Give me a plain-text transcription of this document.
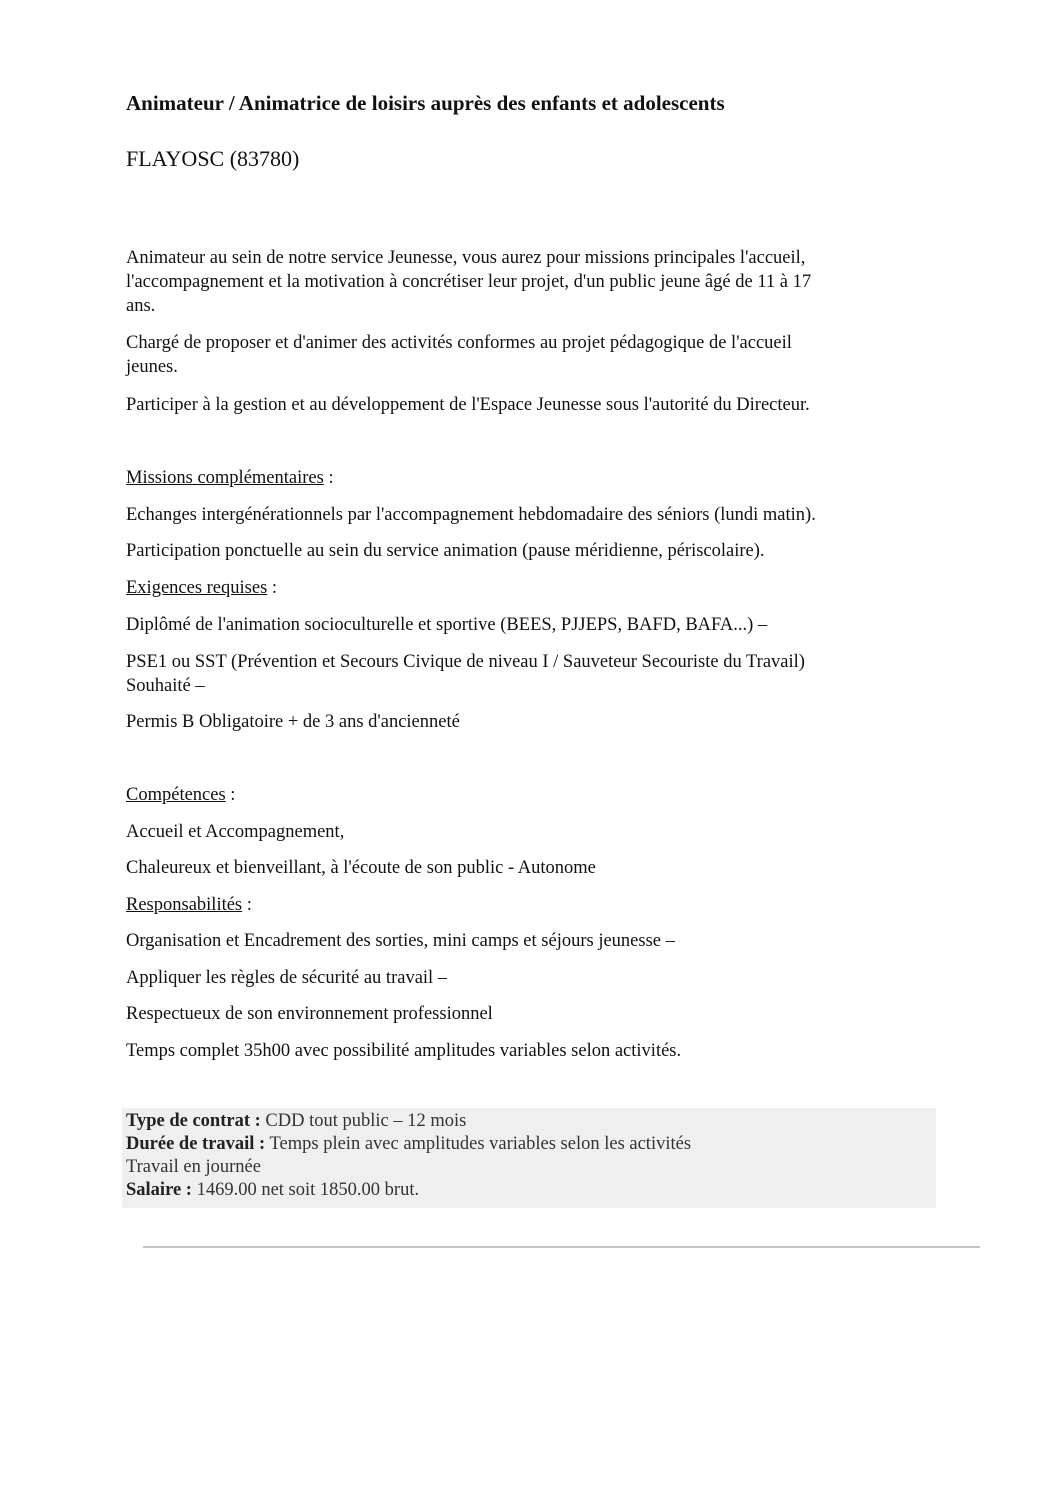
Animateur / Animatrice de loisirs auprès des enfants et adolescents
FLAYOSC (83780)

Animateur au sein de notre service Jeunesse, vous aurez pour missions principales l'accueil,

l'accompagnement et la motivation à concrétiser leur projet, d'un public jeune âgé de 11 à 17

ans.

Chargé de proposer et d'animer des activités conformes au projet pédagogique de l'accueil

jeunes.

Participer à la gestion et au développement de l'Espace Jeunesse sous l'autorité du Directeur.

Missions complémentaires :

Echanges intergénérationnels par l'accompagnement hebdomadaire des séniors (lundi matin).

Participation ponctuelle au sein du service animation (pause méridienne, périscolaire).

Exigences requises :

Diplômé de l'animation socioculturelle et sportive (BEES, PJJEPS, BAFD, BAFA...) –

PSE1 ou SST (Prévention et Secours Civique de niveau I / Sauveteur Secouriste du Travail)

Souhaité –

Permis B Obligatoire + de 3 ans d'ancienneté

Compétences :

Accueil et Accompagnement,

Chaleureux et bienveillant, à l'écoute de son public - Autonome

Responsabilités :

Organisation et Encadrement des sorties, mini camps et séjours jeunesse –

Appliquer les règles de sécurité au travail –

Respectueux de son environnement professionnel

Temps complet 35h00 avec possibilité amplitudes variables selon activités.

Type de contrat : CDD tout public – 12 mois
Durée de travail : Temps plein avec amplitudes variables selon les activités
Travail en journée
Salaire : 1469.00 net soit 1850.00 brut.
